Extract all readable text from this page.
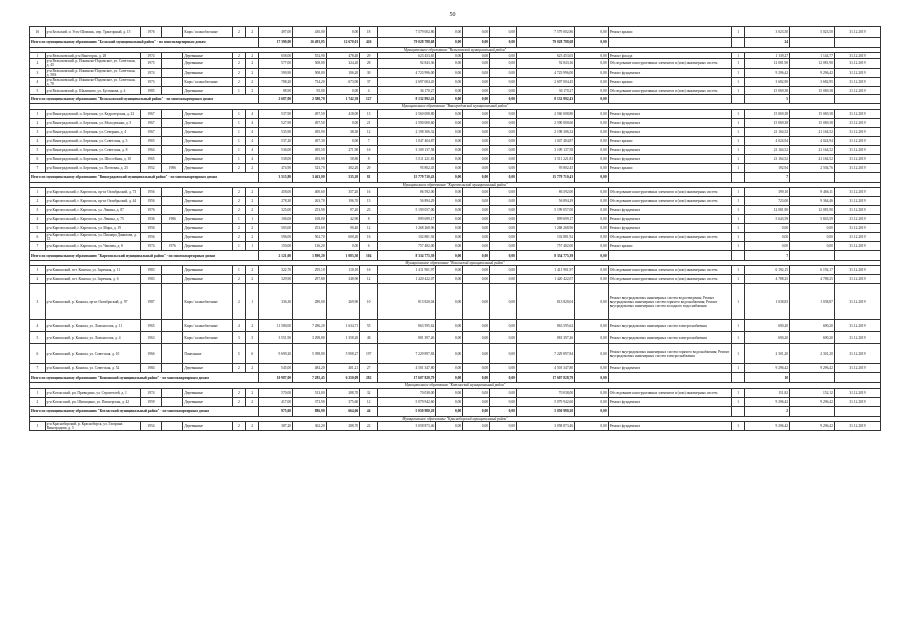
50
16	р-н Бельский, п. Усть-Шомашь, пер. Тракторный, д. 15	1976		Кирп./ шлакоблочные	2	2	497,00	430,00	0,00	18	7 579 002,86	0,00	0,00	0,00	7 579 002,86	0,00	Ремонт крыши	1	3 023,50	5 023,50	31.12.2019
Итого по муниципальному образованию "Бельский муниципальный район" - по многоквартирным домам							17 390,00	16 493,05	12 670,01	426	79 028 788,68	0,00	0,00	0,00	79 028 788,68	0,00			24		
Муниципальное образование "Вельсковский муниципальный район"																					
1	р-н Вельсковский, р-н Ванегорск, д. 28	1974		Деревянные	2	2	658,00	552,90	478,40	29	623 453,65	0,00	0,00	0,00	623 453,65	0,00	Ремонт фасада	1	1 139,27	1 144,77	31.12.2019
2	р-н Вельсковский, р. Ильинско-Подомское, ул. Советская, д. 45	1975		Деревянные	2	2	577,00	508,00	324,20	28	92 843,36	0,00	0,00	0,00	92 843,36	0,00	Обследование конструктивных элементов и (или) инженерных систем	1	12 081,90	12 081,90	31.12.2019
3	р-н Вельсковский, р. Ильинско-Подомское, ул. Советская, д. 58А	1974		Деревянные	2	2	590,90	508,00	106,20	30	4 723 996,00	0,00	0,00	0,00	4 723 996,00	0,00	Ремонт фундамента	1	9 296,42	9 296,42	31.12.2019
4	р-н Вельсковский, р. Ильинско-Подомское, ул. Советская, д. 70	1973		Кирп./ шлакоблочные	2	2	788,20	734,20	673,90	37	2 697 004,45	0,00	0,00	0,00	2 697 004,45	0,00	Ремонт крыши	1	3 682,90	3 682,95	31.12.2019
5	р-н Вельсковский, р. Шалимово, ул. Бусенкова, д. 4	1985		Деревянные	1	2	88,90	95,00	0,00	4	36 170,27	0,00	0,00	0,00	36 170,27	0,00	Обследование конструктивных элементов и (или) инженерных систем	1	15 069,38	15 069,38	31.12.2019
Итого по муниципальному образованию "Вельсковский муниципальный район" - по многоквартирным домам							2 687,00	2 380,70	1 742,39	127	8 132 992,43	0,00	0,00	0,00	8 132 992,43	0,00			5		
Муниципальное образование "Виноградовский муниципальный район"																					
1	р-н Виноградовский, п. Березник, ул. Кедрозерская, д. 23	1967		Деревянные	1	4	537,90	497,50	418,00	13	2 560 008,80	0,00	0,00	0,00	2 560 008,80	0,00	Ремонт фундамента	1	15 069,38	15 069,38	31.12.2019
2	р-н Виноградовский, п. Березник, ул. Молодежная, д. 5	1967		Деревянные	1	4	527,90	497,50	0,00	21	2 590 000,60	0,00	0,00	0,00	2 590 000,60	0,00	Ремонт фундамента	1	15 069,38	15 069,38	31.12.2019
3	р-н Виноградовский, п. Березник, ул. Северная, д. 4	1967		Деревянные	1	4	535,90	495,90	38,30	12	2 198 306,32	0,00	0,00	0,00	2 198 306,32	0,00	Ремонт фундамента	1	21 164,52	21 164,52	31.12.2019
4	р-н Виноградовский, п. Березник, ул. Советская, д. 5	1965		Деревянные	1	4	537,20	497,30	0,00	7	1 047 404,87	0,00	0,00	0,00	1 047 404,87	0,00	Ремонт крыши	1	4 024,94	4 024,94	31.12.2019
5	р-н Виноградовский, п. Березник, ул. Советская, д. 8	1964		Деревянные	1	4	536,00	495,50	271,90	16	3 109 137,58	0,00	0,00	0,00	3 109 137,58	0,00	Ремонт фундамента	1	21 164,52	21 164,52	31.12.2019
6	р-н Виноградовский, п. Березник, ул. Шоссейная, д. 10	1965		Деревянные	1	4	538,00	493,90	58,80	8	3 511 221,83	0,00	0,00	0,00	3 511 221,83	0,00	Ремонт фундамента	1	21 164,52	21 164,52	31.12.2019
7	р-н Виноградовский, п. Березник, ул. Почтовая, д. 25	1952	1986	Деревянные	2	2	474,90	523,70	302,20	29	95 802,45	0,00	0,00	0,00	95 802,45	0,00	Ремонт крыши	1	192,94	2 504,76	31.12.2019
Итого по муниципальному образованию "Виноградовский муниципальный район" - по многоквартирным домам							3 515,80	3 463,00	535,20	81	15 779 710,43	0,00	0,00	0,00	15 779 710,43	0,00			7		
Муниципальное образование "Каргопольский муниципальный район"																					
1	р-н Каргопольский, г. Каргополь, пр-кт Октябрьский, д. 73	1956		Деревянные	2	2	458,00	400,60	357,20	16	86 592,00	0,00	0,00	0,00	86 592,00	0,00	Обследование конструктивных элементов и (или) инженерных систем	1	399,10	9 466,11	31.12.2019
2	р-н Каргопольский, г. Каргополь, пр-кт Октябрьский, д. 44	1956		Деревянные	2	2	278,30	263,70	196,70	13	56 894,29	0,00	0,00	0,00	56 894,29	0,00	Обследование конструктивных элементов и (или) инженерных систем	1	723,00	9 364,46	31.12.2019
3	р-н Каргопольский, г. Каргополь, ул. Ленина, д. 87	1976		Деревянные	2	2	325,00	253,90	97,20	23	5 199 057,00	0,00	0,00	0,00	5 199 057,00	0,00	Ремонт фундамента	1	12 081,90	12 081,90	31.12.2019
4	р-н Каргопольский, г. Каргополь, ул. Ленина, д. 75	1936	1986	Деревянные	1	1	106,00	168,00	42,90	8	899 699,17	0,00	0,00	0,00	899 699,17	0,00	Ремонт фундамента	1	5 643,59	5 843,59	31.12.2019
5	р-н Каргопольский, г. Каргополь, ул. Мира, д. 19	1956		Деревянные	2	2	503,00	253,60	90,40	12	1 268 268,96	0,00	0,00	0,00	1 268 268,96	0,00	Ремонт фундамента	1	0,00	0,00	31.12.2019
6	р-н Каргопольский, г. Каргополь, ул. Пионера Данилова, д. 15	1956		Деревянные	2	2	596,00	502,70	600,20	16	102 881,92	0,00	0,00	0,00	102 881,92	0,00	Обследование конструктивных элементов и (или) инженерных систем	1	0,00	0,00	31.12.2019
7	р-н Каргопольский, г. Каргополь, ул. Чапаева, д. 8	1974	1976	Деревянные	1	1	150,00	136,20	0,00	6	757 482,00	0,00	0,00	0,00	757 482,00	0,00	Ремонт крыши	1	0,00	0,00	31.12.2019
Итого по муниципальному образованию "Каргопольский муниципальный район" - по многоквартирным домам							2 121,00	1 890,20	1 083,30	104	8 334 775,39	0,00	0,00	0,00	8 334 775,39	0,00			7		
Муниципальное образование "Коношский муниципальный район"																					
1	р-н Коношский, пгт. Коноша, ул. Заречная, д. 11	1983		Деревянные	1	2	322,70	295,10	110,10	16	1 411 901,97	0,00	0,00	0,00	1 411 901,97	0,00	Обследование конструктивных элементов и (или) инженерных систем	1	6 192,15	6 192,17	31.12.2019
2	р-н Коношский, пгт. Коноша, ул. Заречная, д. 6	1983		Деревянные	2	2	329,90	297,80	348,90	12	1 420 422,07	0,00	0,00	0,00	1 420 422,07	0,00	Обследование конструктивных элементов и (или) инженерных систем	1	4 788,25	4 788,25	31.12.2019
3	р-н Коношский, р. Коноша, пр-кт Октябрьский, д. 97	1987		Кирп./ шлакоблочные	2	1	336,30	280,00	269,90	10	813 820,04	0,00	0,00	0,00	813 820,04	0,00	Ремонт внутридомовых инженерных систем водоотведения; Ремонт внутридомовых инженерных систем горячего водоснабжения; Ремонт внутридомовых инженерных систем холодного водоснабжения	1	1 038,83	1 038,87	31.12.2019
4	р-н Коношский, р. Коноша, ул. Ломоносова, д. 11	1965		Кирп./ шлакоблочные	4	2	11 580,00	7 286,20	1 634,71	55	863 595,62	0,00	0,00	0,00	863 595,62	0,00	Ремонт внутридомовых инженерных систем электроснабжения	1	690,20	690,20	31.12.2019
5	р-н Коношский, р. Коноша, ул. Ломоносова, д. 4	1963		Кирп./ шлакоблочные	3	3	3 551,90	3 298,80	1 358,20	48	881 397,26	0,00	0,00	0,00	881 397,26	0,00	Ремонт внутридомовых инженерных систем электроснабжения	1	690,20	690,20	31.12.2019
6	р-н Коношский, р. Коноша, ул. Советская, д. 10	1966		Панельные	5	6	9 699,20	5 398,80	5 908,27	197	7 229 897,84	0,00	0,00	0,00	7 229 897,84	0,00	Ремонт внутридомовых инженерных систем горячего водоснабжения; Ремонт внутридомовых инженерных систем электроснабжения	1	2 301,20	2 301,20	31.12.2019
7	р-н Коношский, р. Коноша, ул. Советская, д. 52	1984		Деревянные	2	2	545,00	484,20	401,21	27	4 501 347,80	0,00	0,00	0,00	4 501 347,80	0,00	Ремонт фундамента	1	9 296,42	9 296,42	31.12.2019
Итого по муниципальному образованию "Коношский муниципальный район" - по многоквартирным домам							10 987,00	7 285,45	6 250,09	282	17 607 828,79	0,00	0,00	0,00	17 607 828,79	0,00			10		
Муниципальное образование "Котласский муниципальный район"																					
1	р-н Котласский, рп. Приводино, ул. Строителей, д. 1	1974		Деревянные	2	2	570,00	513,00	288,70	32	70 038,00	0,00	0,00	0,00	70 038,00	0,00	Обследование конструктивных элементов и (или) инженерных систем	1	151,82	152,12	31.12.2019
2	р-н Котласский, рп. Шипицыно, ул. Пионерская, д. 42	1959		Деревянные	2	2	417,00	373,90	375,60	12	5 079 942,60	0,00	0,00	0,00	5 079 942,60	0,00	Ремонт фундамента	1	9 296,42	9 296,42	31.12.2019
Итого по муниципальному образованию "Котласский муниципальный район" - по многоквартирным домам							975,60	886,90	664,66	44	5 050 980,20	0,00	0,00	0,00	5 050 980,20	0,00			2		
Муниципальное образование "Красноборский муниципальный район"																					
1	р-н Красноборский, р. Красноборск, ул. Гагарина Виноградова, д. 5	1954		Деревянные	2	2	387,20	362,20	288,70	22	3 058 873,46	0,00	0,00	0,00	3 058 873,46	0,00	Ремонт фундамента	1	9 296,42	9 296,42	31.12.2019
